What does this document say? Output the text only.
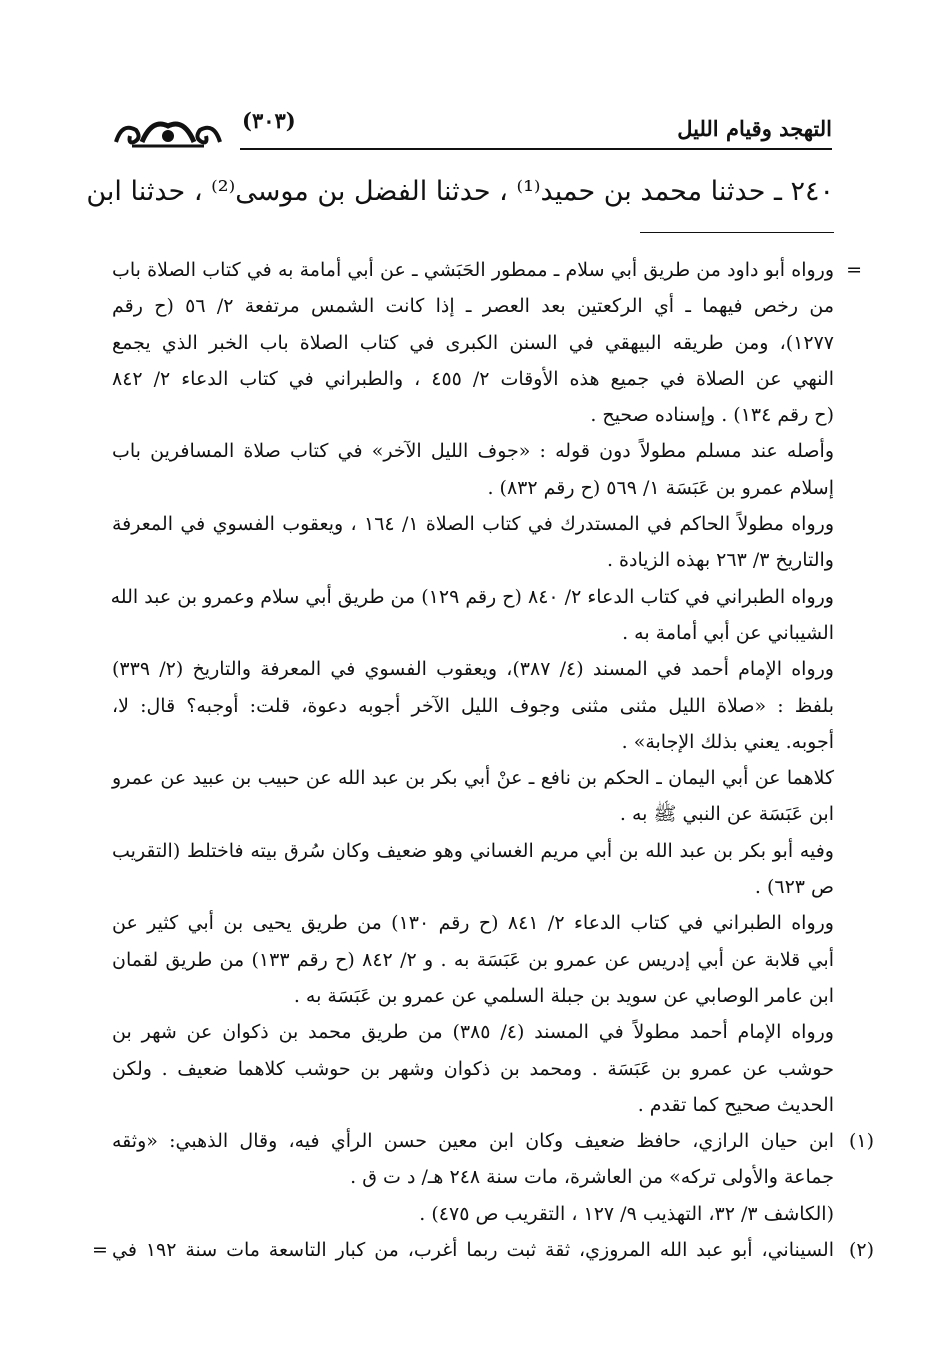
التهجد وقيام الليل
(٣٠٣)
٢٤٠ ـ حدثنا محمد بن حميد⁽¹⁾ ، حدثنا الفضل بن موسى⁽²⁾ ، حدثنا ابن
=
ورواه أبو داود من طريق أبي سلام ـ ممطور الحَبَشي ـ عن أبي أمامة به في كتاب الصلاة باب
من رخص فيهما ـ أي الركعتين بعد العصر ـ إذا كانت الشمس مرتفعة ٢/ ٥٦ (ح رقم
١٢٧٧)، ومن طريقه البيهقي في السنن الكبرى في كتاب الصلاة باب الخبر الذي يجمع
النهي عن الصلاة في جميع هذه الأوقات ٢/ ٤٥٥ ، والطبراني في كتاب الدعاء ٢/ ٨٤٢
(ح رقم ١٣٤) . وإسناده صحيح .
وأصله عند مسلم مطولاً دون قوله : «جوف الليل الآخر» في كتاب صلاة المسافرين باب
إسلام عمرو بن عَبَسَة ١/ ٥٦٩ (ح رقم ٨٣٢) .
ورواه مطولاً الحاكم في المستدرك في كتاب الصلاة ١/ ١٦٤ ، ويعقوب الفسوي في المعرفة
والتاريخ ٣/ ٢٦٣ بهذه الزيادة .
ورواه الطبراني في كتاب الدعاء ٢/ ٨٤٠ (ح رقم ١٢٩) من طريق أبي سلام وعمرو بن عبد الله
الشيباني عن أبي أمامة به .
ورواه الإمام أحمد في المسند (٤/ ٣٨٧)، ويعقوب الفسوي في المعرفة والتاريخ (٢/ ٣٣٩)
بلفظ : «صلاة الليل مثنى مثنى وجوف الليل الآخر أجوبه دعوة، قلت: أوجبه؟ قال: لا،
أجوبه. يعني بذلك الإجابة» .
كلاهما عن أبي اليمان ـ الحكم بن نافع ـ عنْ أبي بكر بن عبد الله عن حبيب بن عبيد عن عمرو
ابن عَبَسَة عن النبي ﷺ به .
وفيه أبو بكر بن عبد الله بن أبي مريم الغساني وهو ضعيف وكان سُرق بيته فاختلط (التقريب
ص ٦٢٣) .
ورواه الطبراني في كتاب الدعاء ٢/ ٨٤١ (ح رقم ١٣٠) من طريق يحيى بن أبي كثير عن
أبي قلابة عن أبي إدريس عن عمرو بن عَبَسَة به . و ٢/ ٨٤٢ (ح رقم ١٣٣) من طريق لقمان
ابن عامر الوصابي عن سويد بن جبلة السلمي عن عمرو بن عَبَسَة به .
ورواه الإمام أحمد مطولاً في المسند (٤/ ٣٨٥) من طريق محمد بن ذكوان عن شهر بن
حوشب عن عمرو بن عَبَسَة . ومحمد بن ذكوان وشهر بن حوشب كلاهما ضعيف . ولكن
الحديث صحيح كما تقدم .
(١)
ابن حيان الرازي، حافظ ضعيف وكان ابن معين حسن الرأي فيه، وقال الذهبي: «وثقه
جماعة والأولى تركه» من العاشرة، مات سنة ٢٤٨ هـ/ د ت ق .
(الكاشف ٣/ ٣٢، التهذيب ٩/ ١٢٧ ، التقريب ص ٤٧٥) .
(٢)
السيناني، أبو عبد الله المروزي، ثقة ثبت ربما أغرب، من كبار التاسعة مات سنة ١٩٢ في
=
